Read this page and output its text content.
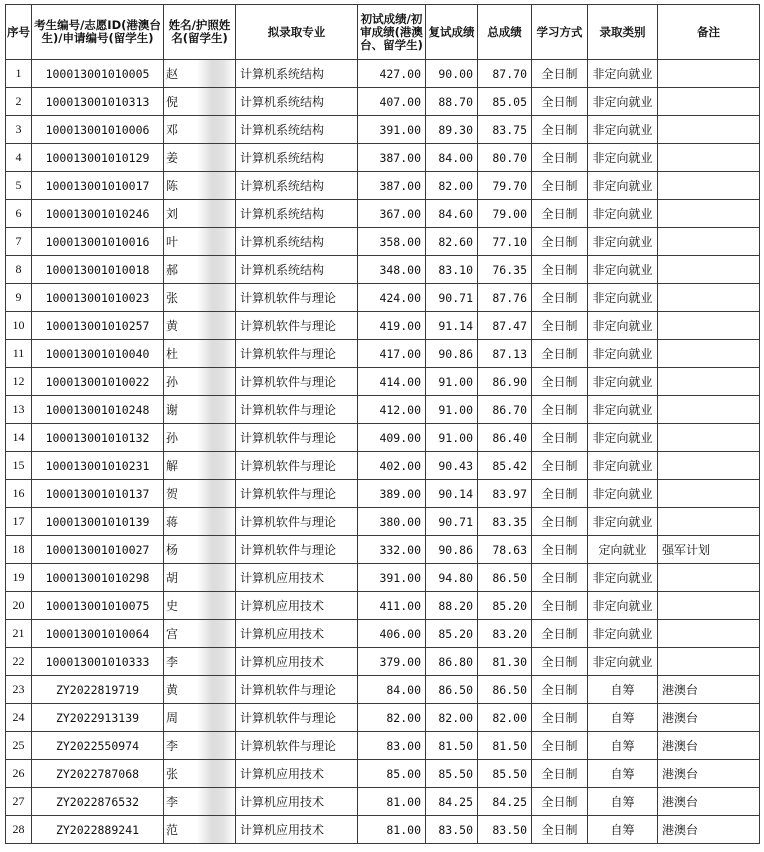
序号	考生编号/志愿ID(港澳台生)/申请编号(留学生)	姓名/护照姓名(留学生)	拟录取专业	初试成绩/初审成绩(港澳台、留学生)	复试成绩	总成绩	学习方式	录取类别	备注
1	100013001010005	赵	计算机系统结构	427.00	90.00	87.70	全日制	非定向就业	
2	100013001010313	倪	计算机系统结构	407.00	88.70	85.05	全日制	非定向就业	
3	100013001010006	邓	计算机系统结构	391.00	89.30	83.75	全日制	非定向就业	
4	100013001010129	姜	计算机系统结构	387.00	84.00	80.70	全日制	非定向就业	
5	100013001010017	陈	计算机系统结构	387.00	82.00	79.70	全日制	非定向就业	
6	100013001010246	刘	计算机系统结构	367.00	84.60	79.00	全日制	非定向就业	
7	100013001010016	叶	计算机系统结构	358.00	82.60	77.10	全日制	非定向就业	
8	100013001010018	郝	计算机系统结构	348.00	83.10	76.35	全日制	非定向就业	
9	100013001010023	张	计算机软件与理论	424.00	90.71	87.76	全日制	非定向就业	
10	100013001010257	黄	计算机软件与理论	419.00	91.14	87.47	全日制	非定向就业	
11	100013001010040	杜	计算机软件与理论	417.00	90.86	87.13	全日制	非定向就业	
12	100013001010022	孙	计算机软件与理论	414.00	91.00	86.90	全日制	非定向就业	
13	100013001010248	谢	计算机软件与理论	412.00	91.00	86.70	全日制	非定向就业	
14	100013001010132	孙	计算机软件与理论	409.00	91.00	86.40	全日制	非定向就业	
15	100013001010231	解	计算机软件与理论	402.00	90.43	85.42	全日制	非定向就业	
16	100013001010137	贺	计算机软件与理论	389.00	90.14	83.97	全日制	非定向就业	
17	100013001010139	蒋	计算机软件与理论	380.00	90.71	83.35	全日制	非定向就业	
18	100013001010027	杨	计算机软件与理论	332.00	90.86	78.63	全日制	定向就业	强军计划
19	100013001010298	胡	计算机应用技术	391.00	94.80	86.50	全日制	非定向就业	
20	100013001010075	史	计算机应用技术	411.00	88.20	85.20	全日制	非定向就业	
21	100013001010064	宫	计算机应用技术	406.00	85.20	83.20	全日制	非定向就业	
22	100013001010333	李	计算机应用技术	379.00	86.80	81.30	全日制	非定向就业	
23	ZY2022819719	黄	计算机软件与理论	84.00	86.50	86.50	全日制	自筹	港澳台
24	ZY2022913139	周	计算机软件与理论	82.00	82.00	82.00	全日制	自筹	港澳台
25	ZY2022550974	李	计算机软件与理论	83.00	81.50	81.50	全日制	自筹	港澳台
26	ZY2022787068	张	计算机应用技术	85.00	85.50	85.50	全日制	自筹	港澳台
27	ZY2022876532	李	计算机应用技术	81.00	84.25	84.25	全日制	自筹	港澳台
28	ZY2022889241	范	计算机应用技术	81.00	83.50	83.50	全日制	自筹	港澳台
